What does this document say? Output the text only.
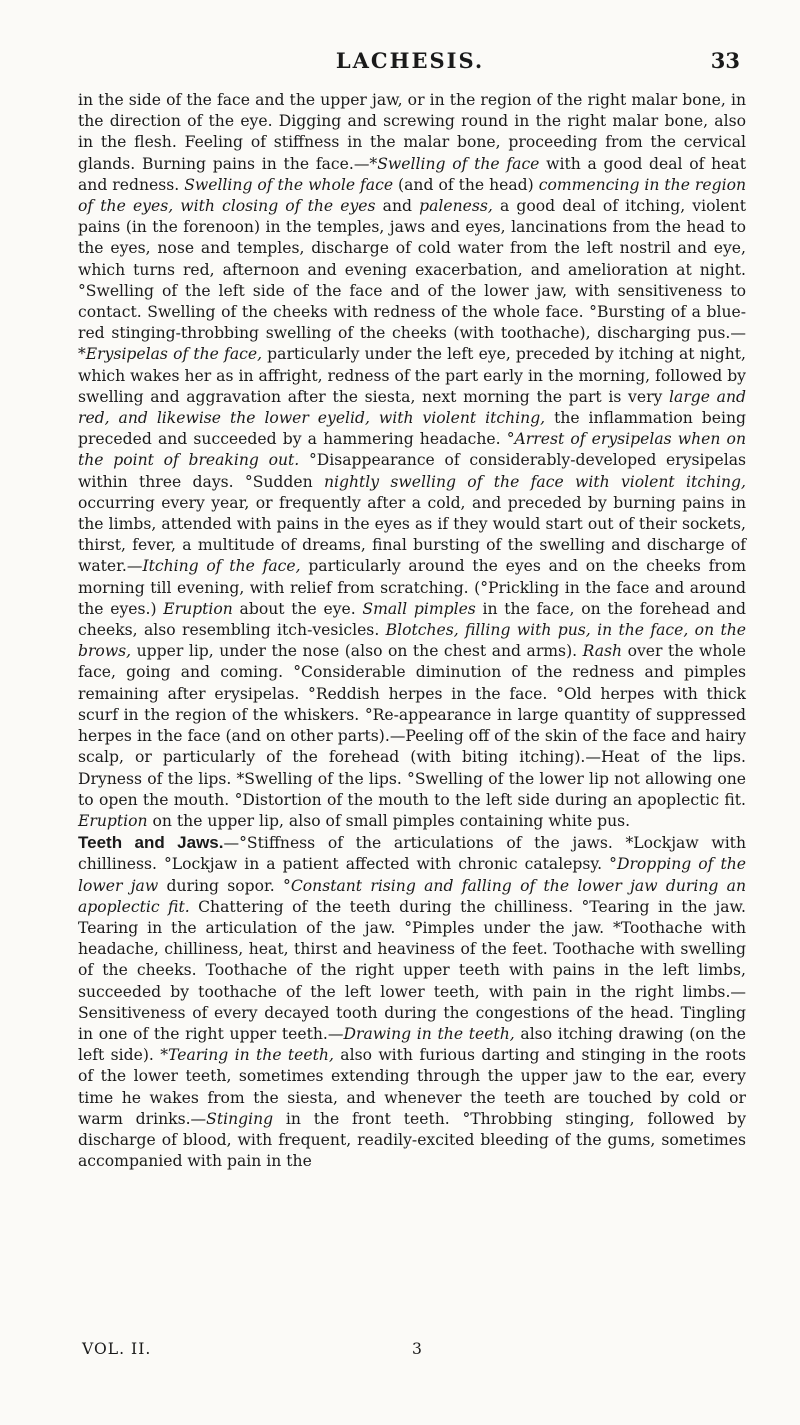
LACHESIS.	33

in the side of the face and the upper jaw, or in the region of the right malar bone, in the direction of the eye. Digging and screwing round in the right malar bone, also in the flesh. Feeling of stiffness in the malar bone, proceeding from the cervical glands. Burning pains in the face.—*Swelling of the face with a good deal of heat and redness. Swelling of the whole face (and of the head) commencing in the region of the eyes, with closing of the eyes and paleness, a good deal of itching, violent pains (in the forenoon) in the temples, jaws and eyes, lancinations from the head to the eyes, nose and temples, discharge of cold water from the left nostril and eye, which turns red, afternoon and evening exacerbation, and amelioration at night. °Swelling of the left side of the face and of the lower jaw, with sensitiveness to contact. Swelling of the cheeks with redness of the whole face. °Bursting of a blue-red stinging-throbbing swelling of the cheeks (with toothache), discharging pus.—*Erysipelas of the face, particularly under the left eye, preceded by itching at night, which wakes her as in affright, redness of the part early in the morning, followed by swelling and aggravation after the siesta, next morning the part is very large and red, and likewise the lower eyelid, with violent itching, the inflammation being preceded and succeeded by a hammering headache. °Arrest of erysipelas when on the point of breaking out. °Disappearance of considerably-developed erysipelas within three days. °Sudden nightly swelling of the face with violent itching, occurring every year, or frequently after a cold, and preceded by burning pains in the limbs, attended with pains in the eyes as if they would start out of their sockets, thirst, fever, a multitude of dreams, final bursting of the swelling and discharge of water.—Itching of the face, particularly around the eyes and on the cheeks from morning till evening, with relief from scratching. (°Prickling in the face and around the eyes.) Eruption about the eye. Small pimples in the face, on the forehead and cheeks, also resembling itch-vesicles. Blotches, filling with pus, in the face, on the brows, upper lip, under the nose (also on the chest and arms). Rash over the whole face, going and coming. °Considerable diminution of the redness and pimples remaining after erysipelas. °Reddish herpes in the face. °Old herpes with thick scurf in the region of the whiskers. °Re-appearance in large quantity of suppressed herpes in the face (and on other parts).—Peeling off of the skin of the face and hairy scalp, or particularly of the forehead (with biting itching).—Heat of the lips. Dryness of the lips. *Swelling of the lips. °Swelling of the lower lip not allowing one to open the mouth. °Distortion of the mouth to the left side during an apoplectic fit. Eruption on the upper lip, also of small pimples containing white pus.

Teeth and Jaws.—°Stiffness of the articulations of the jaws. *Lockjaw with chilliness. °Lockjaw in a patient affected with chronic catalepsy. °Dropping of the lower jaw during sopor. °Constant rising and falling of the lower jaw during an apoplectic fit. Chattering of the teeth during the chilliness. °Tearing in the jaw. Tearing in the articulation of the jaw. °Pimples under the jaw. *Toothache with headache, chilliness, heat, thirst and heaviness of the feet. Toothache with swelling of the cheeks. Toothache of the right upper teeth with pains in the left limbs, succeeded by toothache of the left lower teeth, with pain in the right limbs.—Sensitiveness of every decayed tooth during the congestions of the head. Tingling in one of the right upper teeth.—Drawing in the teeth, also itching drawing (on the left side). *Tearing in the teeth, also with furious darting and stinging in the roots of the lower teeth, sometimes extending through the upper jaw to the ear, every time he wakes from the siesta, and whenever the teeth are touched by cold or warm drinks.—Stinging in the front teeth. °Throbbing stinging, followed by discharge of blood, with frequent, readily-excited bleeding of the gums, sometimes accompanied with pain in the

VOL. II.	3
